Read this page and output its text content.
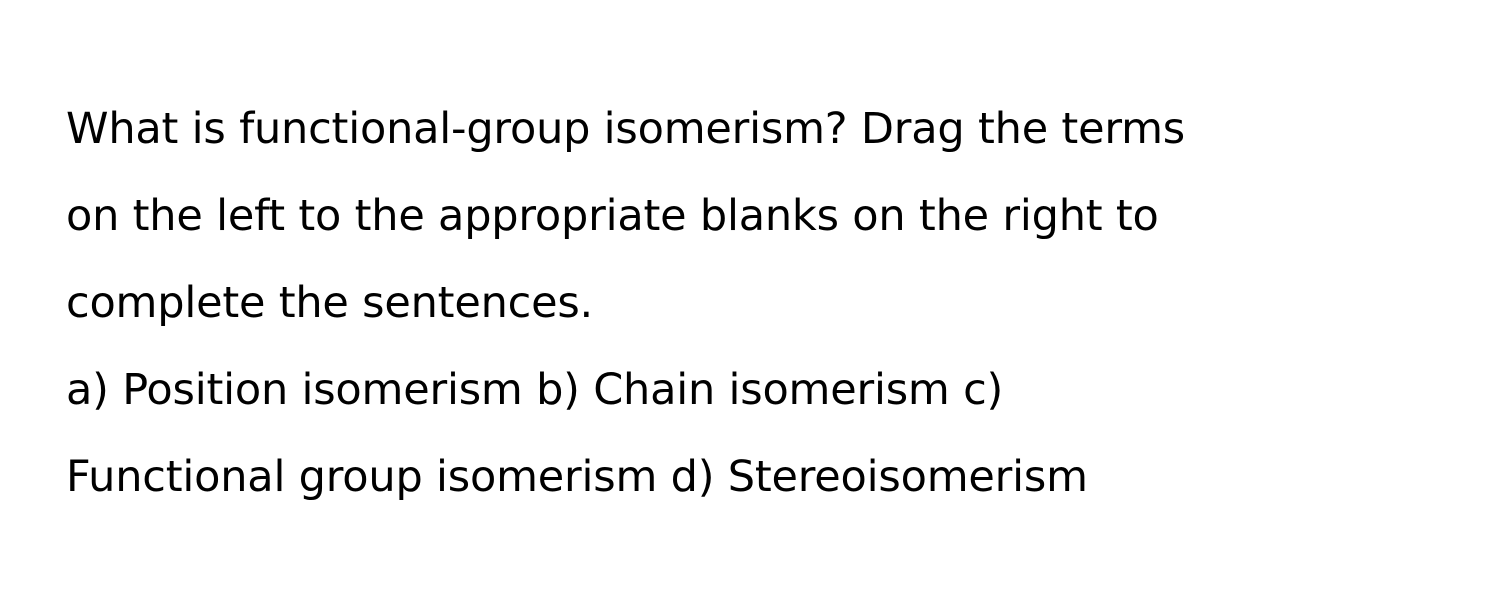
What is functional-group isomerism? Drag the terms
on the left to the appropriate blanks on the right to
complete the sentences.
a) Position isomerism b) Chain isomerism c)
Functional group isomerism d) Stereoisomerism
